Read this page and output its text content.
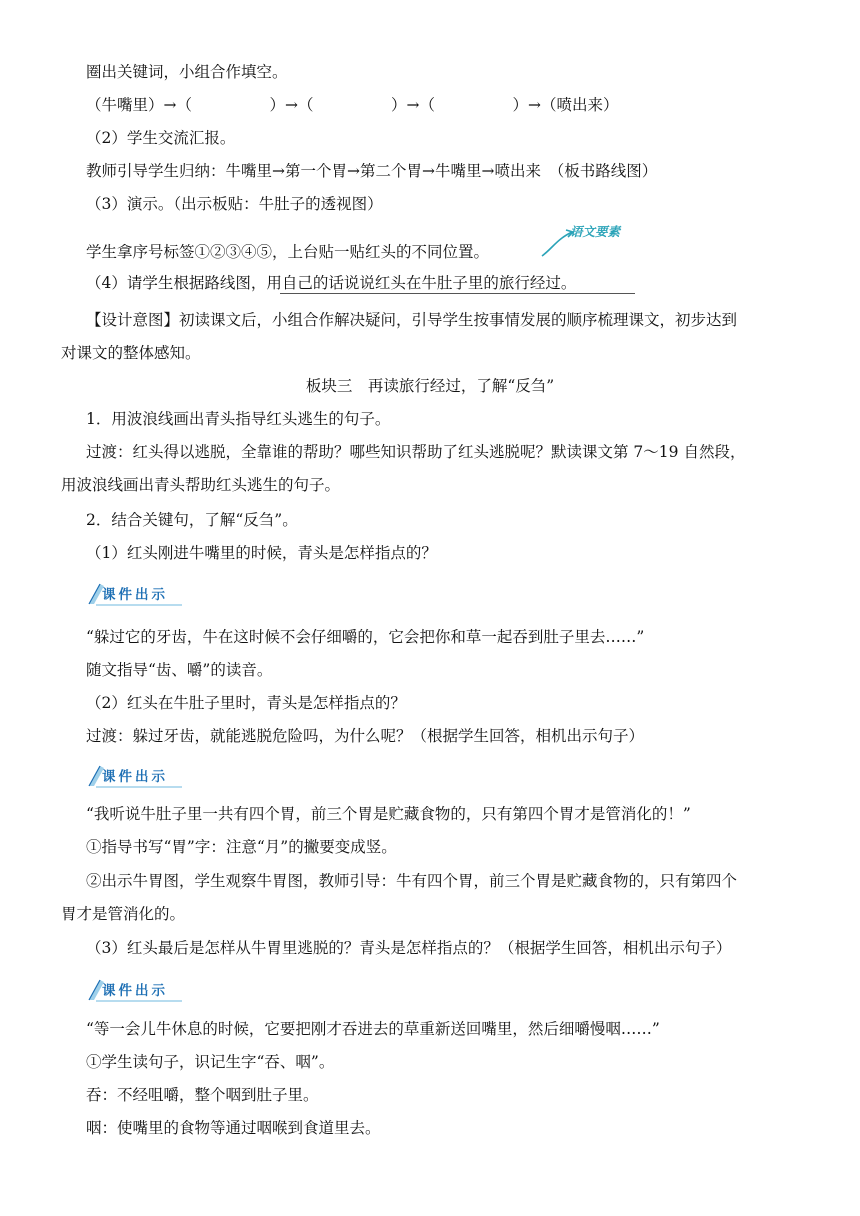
圈出关键词，小组合作填空。
（牛嘴里）→（　　　　　）→（　　　　　）→（　　　　　）→（喷出来）
（2）学生交流汇报。
教师引导学生归纳：牛嘴里→第一个胃→第二个胃→牛嘴里→喷出来　（板书路线图）
（3）演示。（出示板贴：牛肚子的透视图）
学生拿序号标签①②③④⑤，上台贴一贴红头的不同位置。
语文要素
（4）请学生根据路线图，用自己的话说说红头在牛肚子里的旅行经过。
【设计意图】初读课文后，小组合作解决疑问，引导学生按事情发展的顺序梳理课文，初步达到
对课文的整体感知。
板块三　再读旅行经过，了解“反刍”
1．用波浪线画出青头指导红头逃生的句子。
过渡：红头得以逃脱，全靠谁的帮助？哪些知识帮助了红头逃脱呢？默读课文第 7～19 自然段，
用波浪线画出青头帮助红头逃生的句子。
2．结合关键句，了解“反刍”。
（1）红头刚进牛嘴里的时候，青头是怎样指点的？
课件出示
“躲过它的牙齿，牛在这时候不会仔细嚼的，它会把你和草一起吞到肚子里去……”
随文指导“齿、嚼”的读音。
（2）红头在牛肚子里时，青头是怎样指点的？
过渡：躲过牙齿，就能逃脱危险吗，为什么呢？（根据学生回答，相机出示句子）
课件出示
“我听说牛肚子里一共有四个胃，前三个胃是贮藏食物的，只有第四个胃才是管消化的！”
①指导书写“胃”字：注意“月”的撇要变成竖。
②出示牛胃图，学生观察牛胃图，教师引导：牛有四个胃，前三个胃是贮藏食物的，只有第四个
胃才是管消化的。
（3）红头最后是怎样从牛胃里逃脱的？青头是怎样指点的？（根据学生回答，相机出示句子）
课件出示
“等一会儿牛休息的时候，它要把刚才吞进去的草重新送回嘴里，然后细嚼慢咽……”
①学生读句子，识记生字“吞、咽”。
吞：不经咀嚼，整个咽到肚子里。
咽：使嘴里的食物等通过咽喉到食道里去。
